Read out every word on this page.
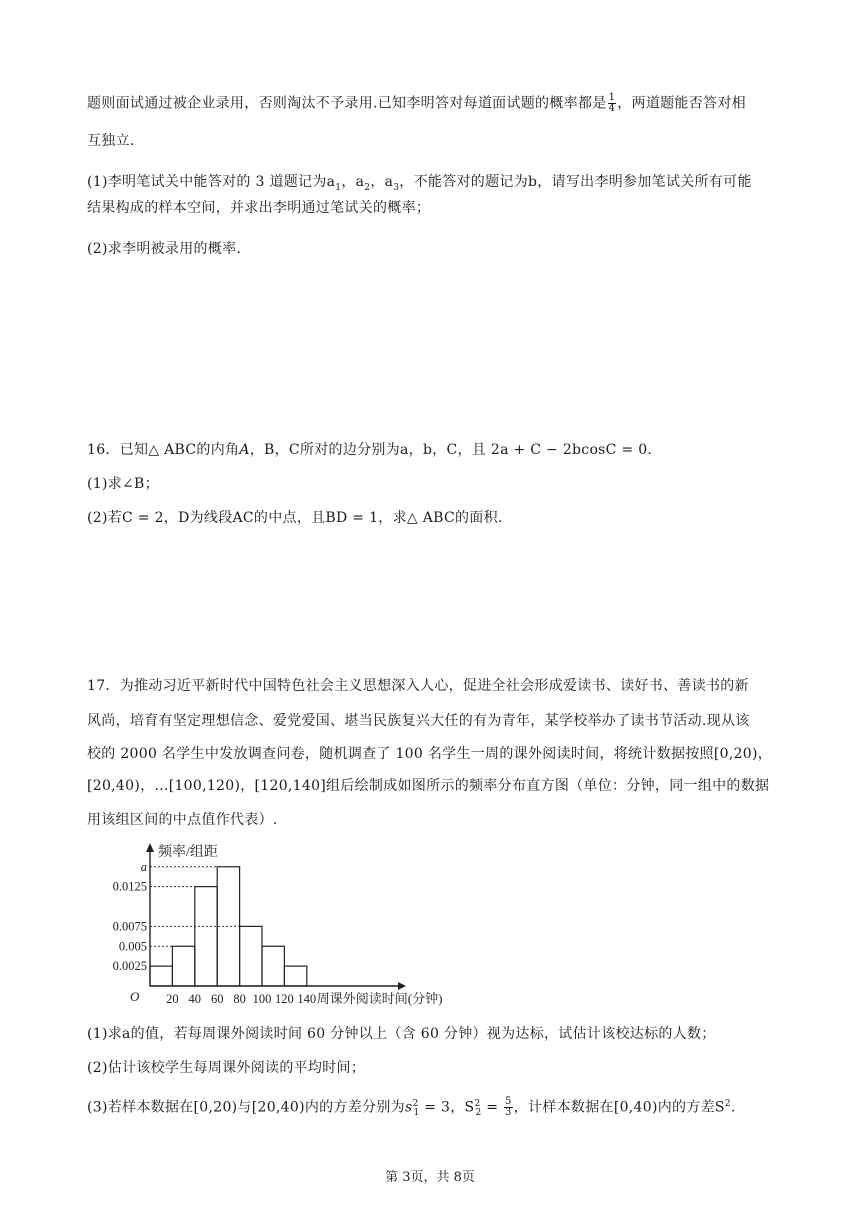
题则面试通过被企业录用，否则淘汰不予录用.已知李明答对每道面试题的概率都是 $\frac{1}{4}$ ，两道题能否答对相
互独立.
(1)李明笔试关中能答对的 3 道题记为$a_1$，$a_2$，$a_3$，不能答对的题记为b，请写出李明参加笔试关所有可能
结果构成的样本空间，并求出李明通过笔试关的概率；
(2)求李明被录用的概率.
16．已知△ ABC的内角A，B，C所对的边分别为a，b，C，且 2a + C − 2bcosC = 0.
(1)求∠B；
(2)若C = 2，D为线段AC的中点，且BD = 1，求△ ABC的面积.
17．为推动习近平新时代中国特色社会主义思想深入人心，促进全社会形成爱读书、读好书、善读书的新
风尚，培育有坚定理想信念、爱党爱国、堪当民族复兴大任的有为青年，某学校举办了读书节活动.现从该
校的 2000 名学生中发放调查问卷，随机调查了 100 名学生一周的课外阅读时间，将统计数据按照[0,20)，
[20,40)，…[100,120)，[120,140]组后绘制成如图所示的频率分布直方图（单位：分钟，同一组中的数据
用该组区间的中点值作代表）.
频率/组距
0.0025
0.005
0.0075
0.0125
a
O 20 40 60 80 100 120 140 周课外阅读时间(分钟)
(1)求a的值，若每周课外阅读时间 60 分钟以上（含 60 分钟）视为达标，试估计该校达标的人数；
(2)估计该校学生每周课外阅读的平均时间；
(3)若样本数据在[0,20)与[20,40)内的方差分别为$s^2_1 = 3$，$S^2_2 = \frac{5}{3}$ ，计样本数据在[0,40)内的方差$S^2$.
第 3页，共 8页
